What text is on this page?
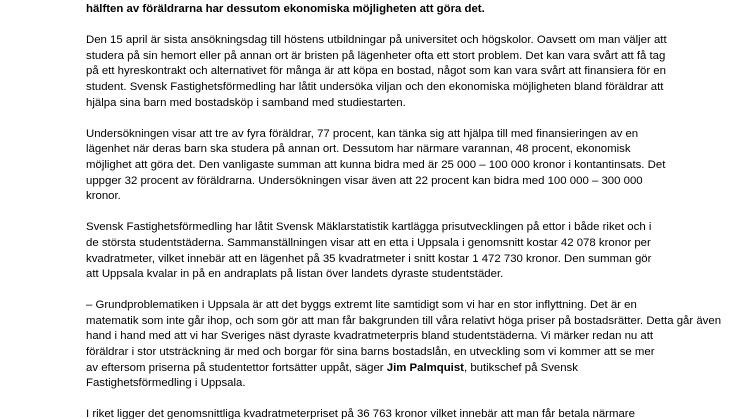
hälften av föräldrarna har dessutom ekonomiska möjligheten att göra det.

Den 15 april är sista ansökningsdag till höstens utbildningar på universitet och högskolor. Oavsett om man väljer att
studera på sin hemort eller på annan ort är bristen på lägenheter ofta ett stort problem. Det kan vara svårt att få tag
på ett hyreskontrakt och alternativet för många är att köpa en bostad, något som kan vara svårt att finansiera för en
student. Svensk Fastighetsförmedling har låtit undersöka viljan och den ekonomiska möjligheten bland föräldrar att
hjälpa sina barn med bostadsköp i samband med studiestarten.

Undersökningen visar att tre av fyra föräldrar, 77 procent, kan tänka sig att hjälpa till med finansieringen av en
lägenhet när deras barn ska studera på annan ort. Dessutom har närmare varannan, 48 procent, ekonomisk
möjlighet att göra det. Den vanligaste summan att kunna bidra med är 25 000 – 100 000 kronor i kontantinsats. Det
uppger 32 procent av föräldrarna. Undersökningen visar även att 22 procent kan bidra med 100 000 – 300 000
kronor.

Svensk Fastighetsförmedling har låtit Svensk Mäklarstatistik kartlägga prisutvecklingen på ettor i både riket och i
de största studentstäderna. Sammanställningen visar att en etta i Uppsala i genomsnitt kostar 42 078 kronor per
kvadratmeter, vilket innebär att en lägenhet på 35 kvadratmeter i snitt kostar 1 472 730 kronor. Den summan gör
att Uppsala kvalar in på en andraplats på listan över landets dyraste studentstäder.

– Grundproblematiken i Uppsala är att det byggs extremt lite samtidigt som vi har en stor inflyttning. Det är en
matematik som inte går ihop, och som gör att man får bakgrunden till våra relativt höga priser på bostadsrätter. Detta går även
hand i hand med att vi har Sveriges näst dyraste kvadratmeterpris bland studentstäderna. Vi märker redan nu att
föräldrar i stor utsträckning är med och borgar för sina barns bostadslån, en utveckling som vi kommer att se mer
av eftersom priserna på studentettor fortsätter uppåt, säger Jim Palmquist, butikschef på Svensk
Fastighetsförmedling i Uppsala.

I riket ligger det genomsnittliga kvadratmeterpriset på 36 763 kronor vilket innebär att man får betala närmare
